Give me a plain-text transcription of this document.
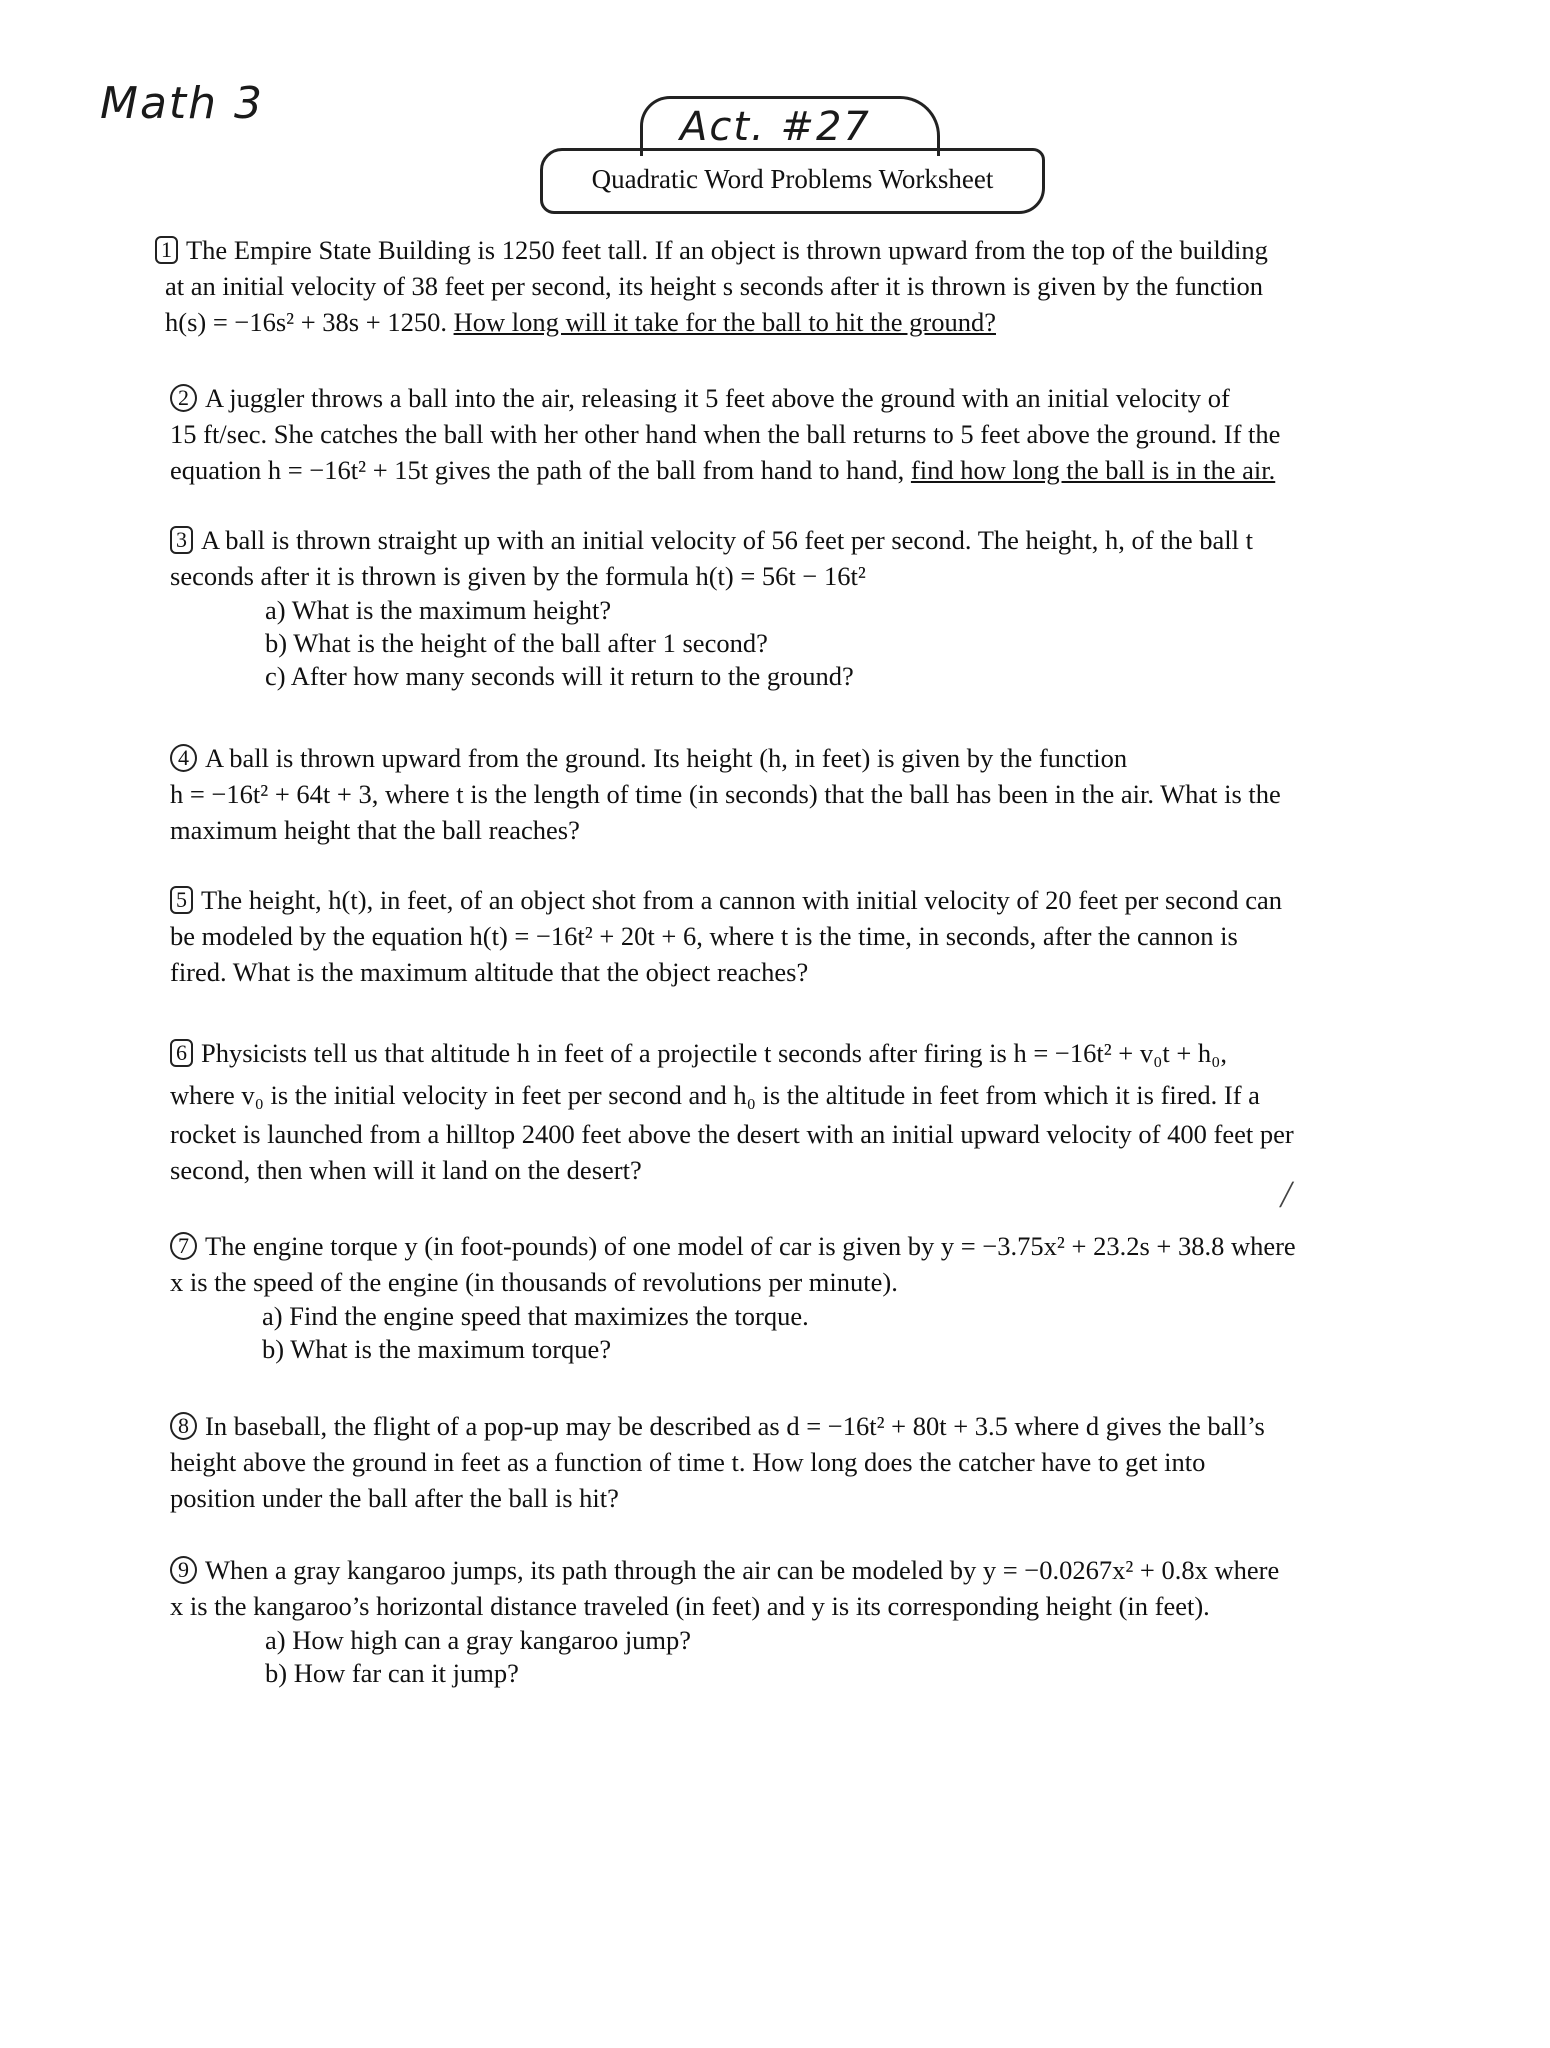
Math 3	Act. #27
Quadratic Word Problems Worksheet
1 The Empire State Building is 1250 feet tall. If an object is thrown upward from the top of the building
at an initial velocity of 38 feet per second, its height s seconds after it is thrown is given by the function
h(s) = −16s² + 38s + 1250. How long will it take for the ball to hit the ground?
2 A juggler throws a ball into the air, releasing it 5 feet above the ground with an initial velocity of
15 ft/sec. She catches the ball with her other hand when the ball returns to 5 feet above the ground. If the
equation h = −16t² + 15t gives the path of the ball from hand to hand, find how long the ball is in the air.
3 A ball is thrown straight up with an initial velocity of 56 feet per second. The height, h, of the ball t
seconds after it is thrown is given by the formula h(t) = 56t − 16t²
a) What is the maximum height?
b) What is the height of the ball after 1 second?
c) After how many seconds will it return to the ground?
4 A ball is thrown upward from the ground. Its height (h, in feet) is given by the function
h = −16t² + 64t + 3, where t is the length of time (in seconds) that the ball has been in the air. What is the
maximum height that the ball reaches?
5 The height, h(t), in feet, of an object shot from a cannon with initial velocity of 20 feet per second can
be modeled by the equation h(t) = −16t² + 20t + 6, where t is the time, in seconds, after the cannon is
fired. What is the maximum altitude that the object reaches?
6 Physicists tell us that altitude h in feet of a projectile t seconds after firing is h = −16t² + v₀t + h₀,
where v₀ is the initial velocity in feet per second and h₀ is the altitude in feet from which it is fired. If a
rocket is launched from a hilltop 2400 feet above the desert with an initial upward velocity of 400 feet per
second, then when will it land on the desert?
╱
7 The engine torque y (in foot-pounds) of one model of car is given by y = −3.75x² + 23.2s + 38.8 where
x is the speed of the engine (in thousands of revolutions per minute).
a) Find the engine speed that maximizes the torque.
b) What is the maximum torque?
8 In baseball, the flight of a pop-up may be described as d = −16t² + 80t + 3.5 where d gives the ball’s
height above the ground in feet as a function of time t. How long does the catcher have to get into
position under the ball after the ball is hit?
9 When a gray kangaroo jumps, its path through the air can be modeled by y = −0.0267x² + 0.8x where
x is the kangaroo’s horizontal distance traveled (in feet) and y is its corresponding height (in feet).
a) How high can a gray kangaroo jump?
b) How far can it jump?
